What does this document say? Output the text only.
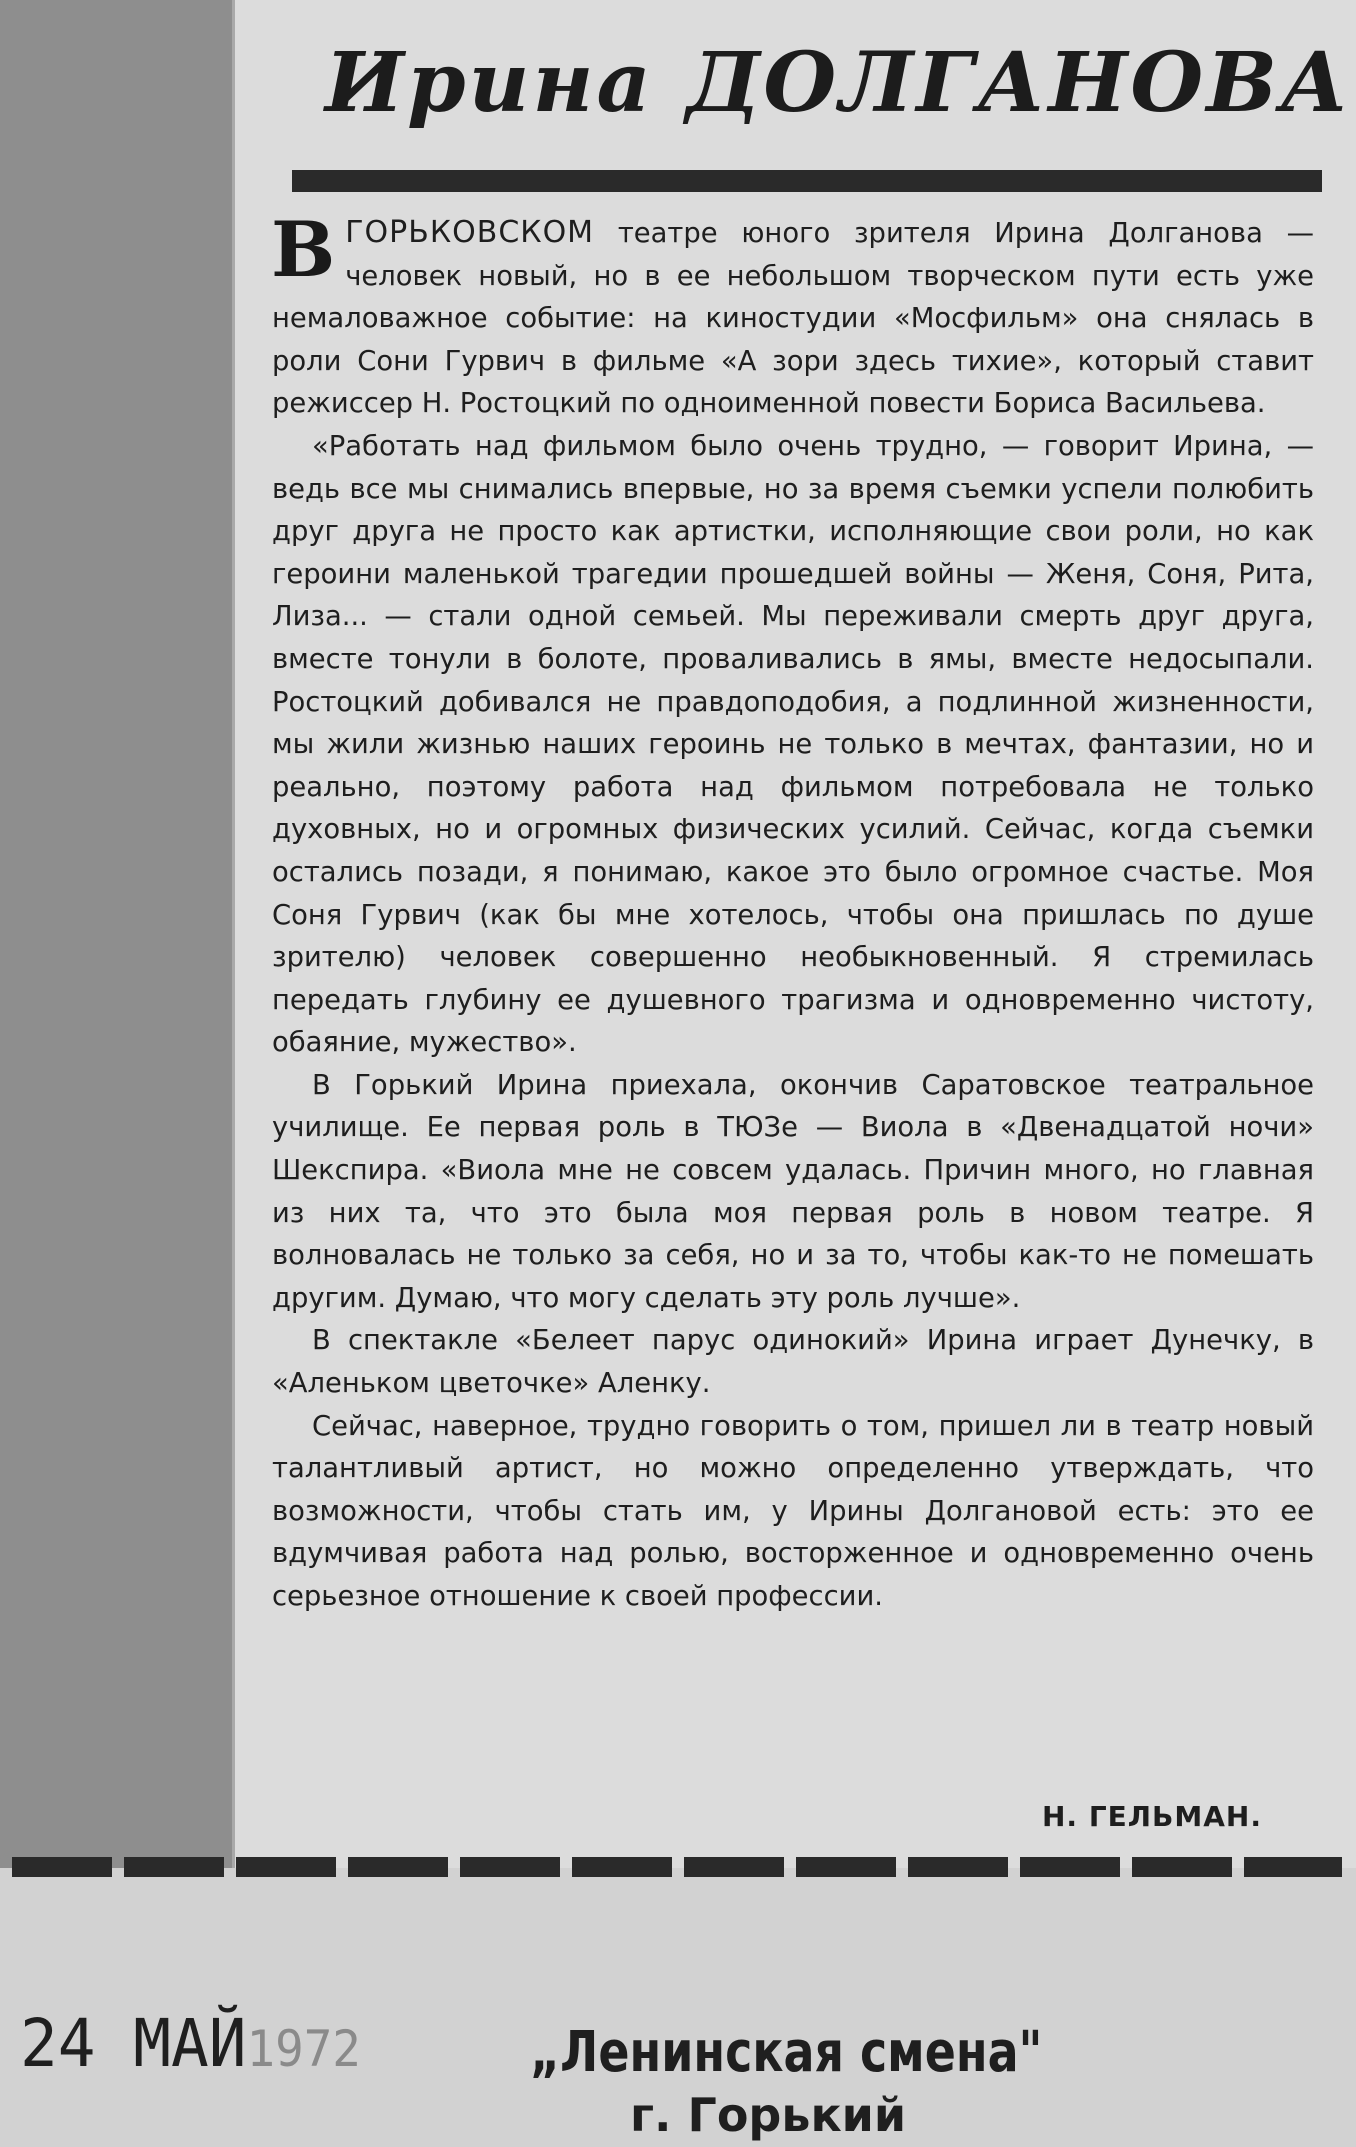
Ирина ДОЛГАНОВА

ВГОРЬКОВСКОМ театре юного зрителя Ирина Долганова — человек новый, но в ее небольшом творческом пути есть уже немаловажное событие: на киностудии «Мосфильм» она снялась в роли Сони Гурвич в фильме «А зори здесь тихие», который ставит режиссер Н. Ростоцкий по одноименной повести Бориса Васильева.

«Работать над фильмом было очень трудно, — говорит Ирина, — ведь все мы снимались впервые, но за время съемки успели полюбить друг друга не просто как артистки, исполняющие свои роли, но как героини маленькой трагедии прошедшей войны — Женя, Соня, Рита, Лиза... — стали одной семьей. Мы переживали смерть друг друга, вместе тонули в болоте, проваливались в ямы, вместе недосыпали. Ростоцкий добивался не правдоподобия, а подлинной жизненности, мы жили жизнью наших героинь не только в мечтах, фантазии, но и реально, поэтому работа над фильмом потребовала не только духовных, но и огромных физических усилий. Сейчас, когда съемки остались позади, я понимаю, какое это было огромное счастье. Моя Соня Гурвич (как бы мне хотелось, чтобы она пришлась по душе зрителю) человек совершенно необыкновенный. Я стремилась передать глубину ее душевного трагизма и одновременно чистоту, обаяние, мужество».

В Горький Ирина приехала, окончив Саратовское театральное училище. Ее первая роль в ТЮЗе — Виола в «Двенадцатой ночи» Шекспира. «Виола мне не совсем удалась. Причин много, но главная из них та, что это была моя первая роль в новом театре. Я волновалась не только за себя, но и за то, чтобы как-то не помешать другим. Думаю, что могу сделать эту роль лучше».

В спектакле «Белеет парус одинокий» Ирина играет Дунечку, в «Аленьком цветочке» Аленку.

Сейчас, наверное, трудно говорить о том, пришел ли в театр новый талантливый артист, но можно определенно утверждать, что возможности, чтобы стать им, у Ирины Долгановой есть: это ее вдумчивая работа над ролью, восторженное и одновременно очень серьезное отношение к своей профессии.

Н. ГЕЛЬМАН.
24 МАЙ1972	„Ленинская смена"
г. Горький
